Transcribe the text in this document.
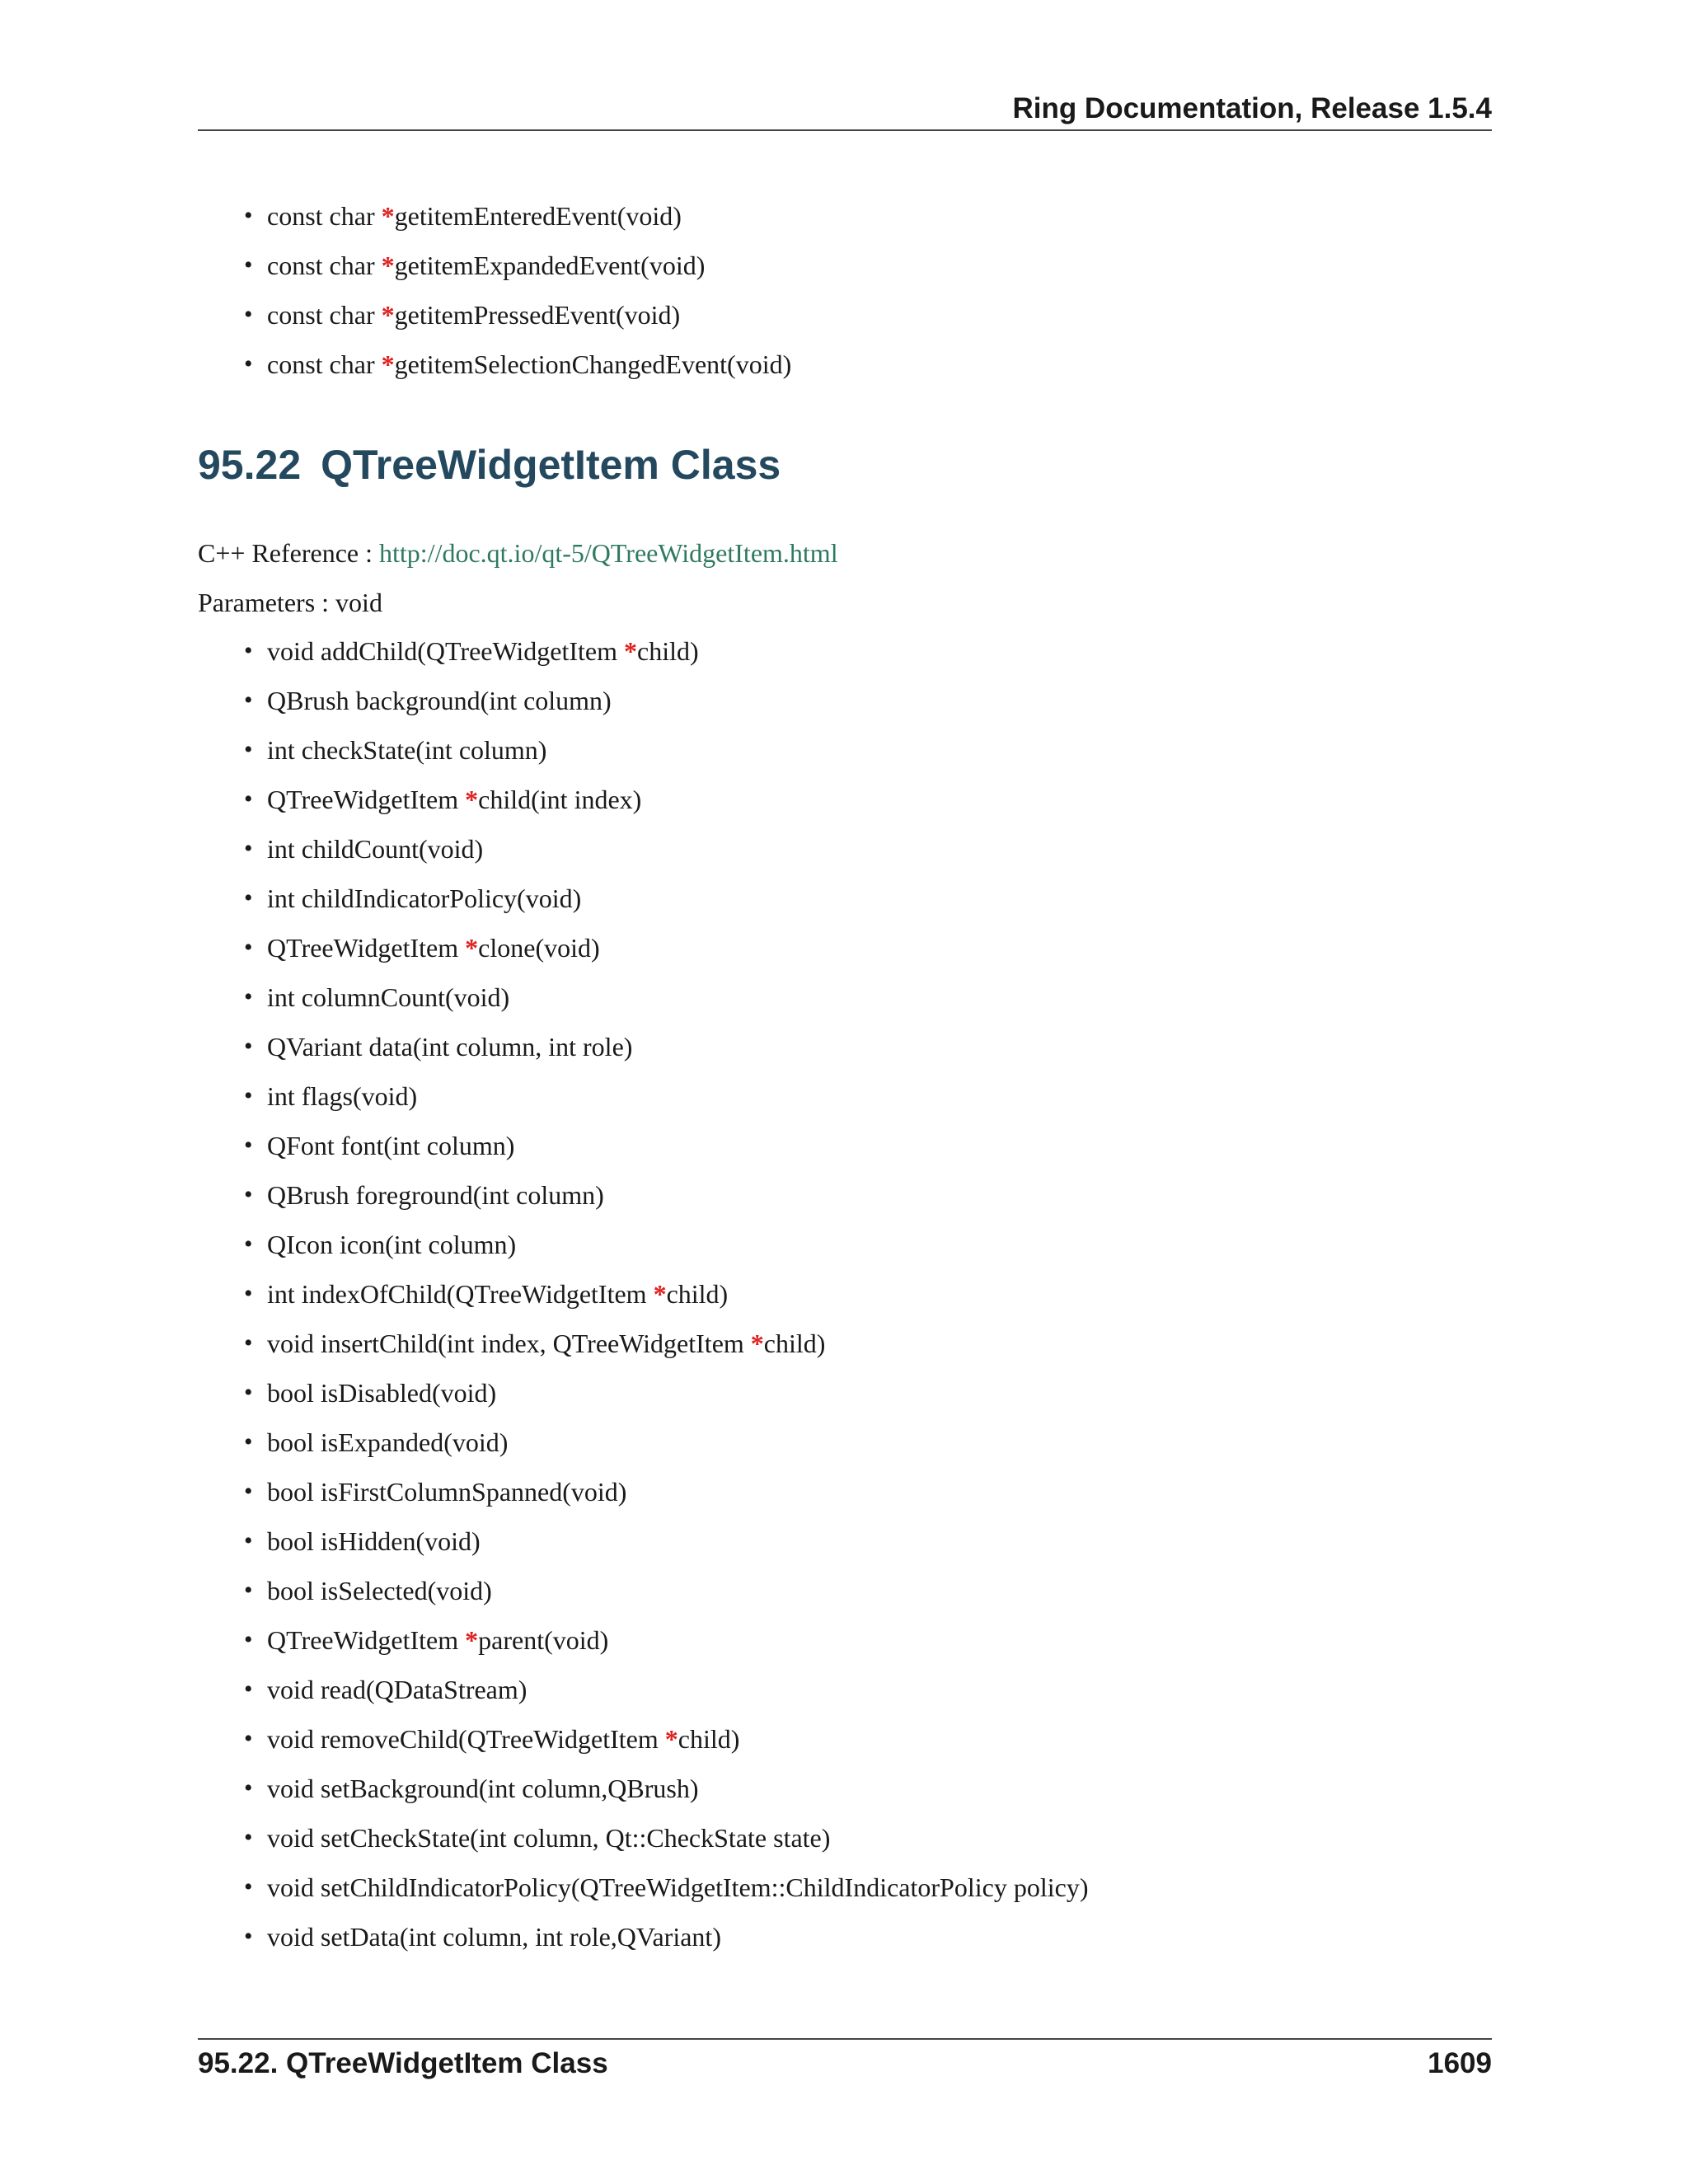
Ring Documentation, Release 1.5.4
• const char *getitemEnteredEvent(void)
• const char *getitemExpandedEvent(void)
• const char *getitemPressedEvent(void)
• const char *getitemSelectionChangedEvent(void)
95.22 QTreeWidgetItem Class
C++ Reference : http://doc.qt.io/qt-5/QTreeWidgetItem.html
Parameters : void
• void addChild(QTreeWidgetItem *child)
• QBrush background(int column)
• int checkState(int column)
• QTreeWidgetItem *child(int index)
• int childCount(void)
• int childIndicatorPolicy(void)
• QTreeWidgetItem *clone(void)
• int columnCount(void)
• QVariant data(int column, int role)
• int flags(void)
• QFont font(int column)
• QBrush foreground(int column)
• QIcon icon(int column)
• int indexOfChild(QTreeWidgetItem *child)
• void insertChild(int index, QTreeWidgetItem *child)
• bool isDisabled(void)
• bool isExpanded(void)
• bool isFirstColumnSpanned(void)
• bool isHidden(void)
• bool isSelected(void)
• QTreeWidgetItem *parent(void)
• void read(QDataStream)
• void removeChild(QTreeWidgetItem *child)
• void setBackground(int column,QBrush)
• void setCheckState(int column, Qt::CheckState state)
• void setChildIndicatorPolicy(QTreeWidgetItem::ChildIndicatorPolicy policy)
• void setData(int column, int role,QVariant)
95.22. QTreeWidgetItem Class	1609
